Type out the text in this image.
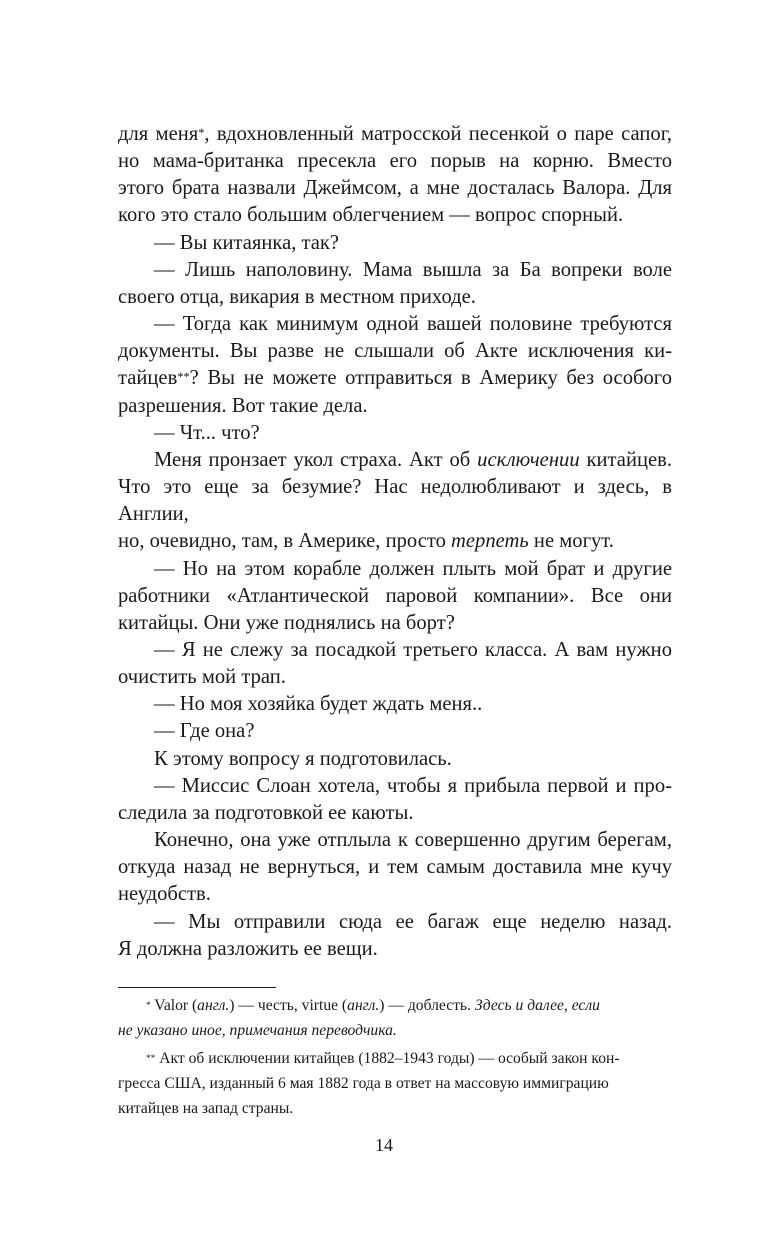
для меня*, вдохновленный матросской песенкой о паре сапог,
но мама-британка пресекла его порыв на корню. Вместо
этого брата назвали Джеймсом, а мне досталась Валора. Для
кого это стало большим облегчением — вопрос спорный.

— Вы китаянка, так?

— Лишь наполовину. Мама вышла за Ба вопреки воле
своего отца, викария в местном приходе.

— Тогда как минимум одной вашей половине требуются
документы. Вы разве не слышали об Акте исключения ки-
тайцев**? Вы не можете отправиться в Америку без особого
разрешения. Вот такие дела.

— Чт... что?

Меня пронзает укол страха. Акт об исключении китайцев.
Что это еще за безумие? Нас недолюбливают и здесь, в Англии,
но, очевидно, там, в Америке, просто терпеть не могут.

— Но на этом корабле должен плыть мой брат и другие
работники «Атлантической паровой компании». Все они
китайцы. Они уже поднялись на борт?

— Я не слежу за посадкой третьего класса. А вам нужно
очистить мой трап.

— Но моя хозяйка будет ждать меня..

— Где она?

К этому вопросу я подготовилась.

— Миссис Слоан хотела, чтобы я прибыла первой и про-
следила за подготовкой ее каюты.

Конечно, она уже отплыла к совершенно другим берегам,
откуда назад не вернуться, и тем самым доставила мне кучу
неудобств.

— Мы отправили сюда ее багаж еще неделю назад.
Я должна разложить ее вещи.

* Valor (англ.) — честь, virtue (англ.) — доблесть. Здесь и далее, если

не указано иное, примечания переводчика.

** Акт об исключении китайцев (1882–1943 годы) — особый закон кон-

гресса США, изданный 6 мая 1882 года в ответ на массовую иммиграцию
китайцев на запад страны.

14
